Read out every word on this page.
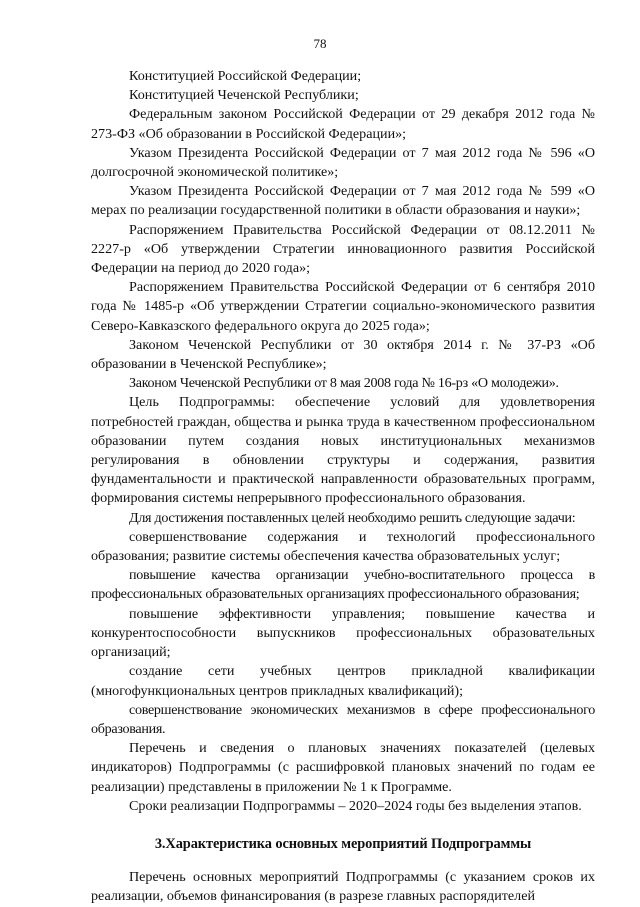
78

Конституцией Российской Федерации;

Конституцией Чеченской Республики;

Федеральным законом Российской Федерации от 29 декабря 2012 года № 273-ФЗ «Об образовании в Российской Федерации»;

Указом Президента Российской Федерации от 7 мая 2012 года № 596 «О долгосрочной экономической политике»;

Указом Президента Российской Федерации от 7 мая 2012 года № 599 «О мерах по реализации государственной политики в области образования и науки»;

Распоряжением Правительства Российской Федерации от 08.12.2011 № 2227-р «Об утверждении Стратегии инновационного развития Российской Федерации на период до 2020 года»;

Распоряжением Правительства Российской Федерации от 6 сентября 2010 года № 1485-р «Об утверждении Стратегии социально-экономического развития Северо-Кавказского федерального округа до 2025 года»;

Законом Чеченской Республики от 30 октября 2014 г. № 37-РЗ «Об образовании в Чеченской Республике»;

Законом Чеченской Республики от 8 мая 2008 года № 16-рз «О молодежи».

Цель Подпрограммы: обеспечение условий для удовлетворения потребностей граждан, общества и рынка труда в качественном профессиональном образовании путем создания новых институциональных механизмов регулирования в обновлении структуры и содержания, развития фундаментальности и практической направленности образовательных программ, формирования системы непрерывного профессионального образования.

Для достижения поставленных целей необходимо решить следующие задачи:

совершенствование содержания и технологий профессионального образования; развитие системы обеспечения качества образовательных услуг;

повышение качества организации учебно-воспитательного процесса в профессиональных образовательных организациях профессионального образования;

повышение эффективности управления; повышение качества и конкурентоспособности выпускников профессиональных образовательных организаций;

создание сети учебных центров прикладной квалификации (многофункциональных центров прикладных квалификаций);

совершенствование экономических механизмов в сфере профессионального образования.

Перечень и сведения о плановых значениях показателей (целевых индикаторов) Подпрограммы (с расшифровкой плановых значений по годам ее реализации) представлены в приложении № 1 к Программе.

Сроки реализации Подпрограммы – 2020–2024 годы без выделения этапов.

3.Характеристика основных мероприятий Подпрограммы

Перечень основных мероприятий Подпрограммы (с указанием сроков их реализации, объемов финансирования (в разрезе главных распорядителей
